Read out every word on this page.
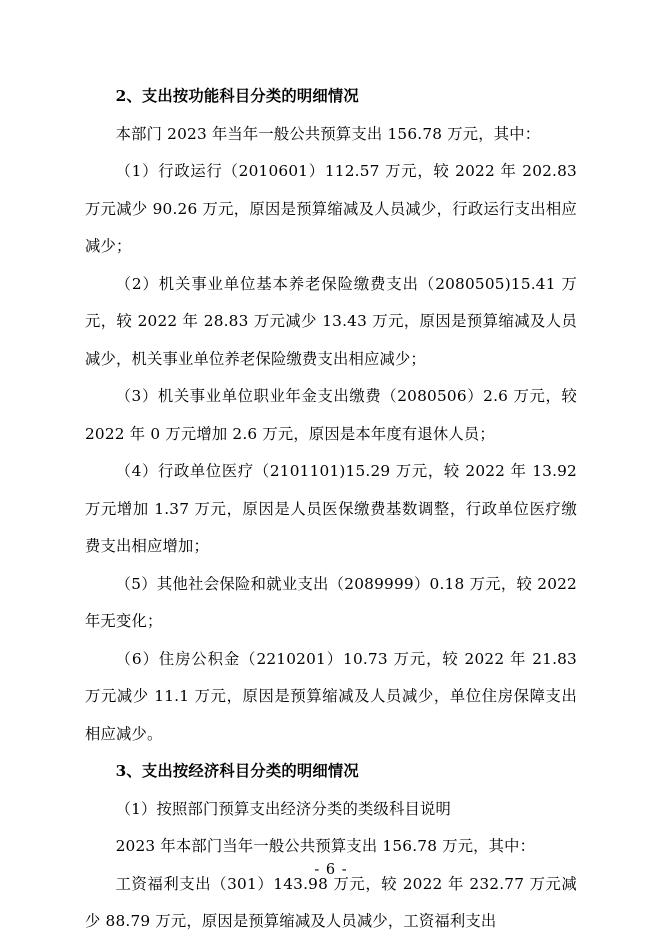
2、支出按功能科目分类的明细情况

本部门 2023 年当年一般公共预算支出 156.78 万元，其中：

（1）行政运行（2010601）112.57 万元，较 2022 年 202.83 万元减少 90.26 万元，原因是预算缩减及人员减少，行政运行支出相应减少；

（2）机关事业单位基本养老保险缴费支出（2080505)15.41 万元，较 2022 年 28.83 万元减少 13.43 万元，原因是预算缩减及人员减少，机关事业单位养老保险缴费支出相应减少；

（3）机关事业单位职业年金支出缴费（2080506）2.6 万元，较 2022 年 0 万元增加 2.6 万元，原因是本年度有退休人员；

（4）行政单位医疗（2101101)15.29 万元，较 2022 年 13.92 万元增加 1.37 万元，原因是人员医保缴费基数调整，行政单位医疗缴费支出相应增加；

（5）其他社会保险和就业支出（2089999）0.18 万元，较 2022 年无变化；

（6）住房公积金（2210201）10.73 万元，较 2022 年 21.83 万元减少 11.1 万元，原因是预算缩减及人员减少，单位住房保障支出相应减少。

3、支出按经济科目分类的明细情况

（1）按照部门预算支出经济分类的类级科目说明

2023 年本部门当年一般公共预算支出 156.78 万元，其中：

工资福利支出（301）143.98 万元，较 2022 年 232.77 万元减少 88.79 万元，原因是预算缩减及人员减少，工资福利支出

- 6 -
